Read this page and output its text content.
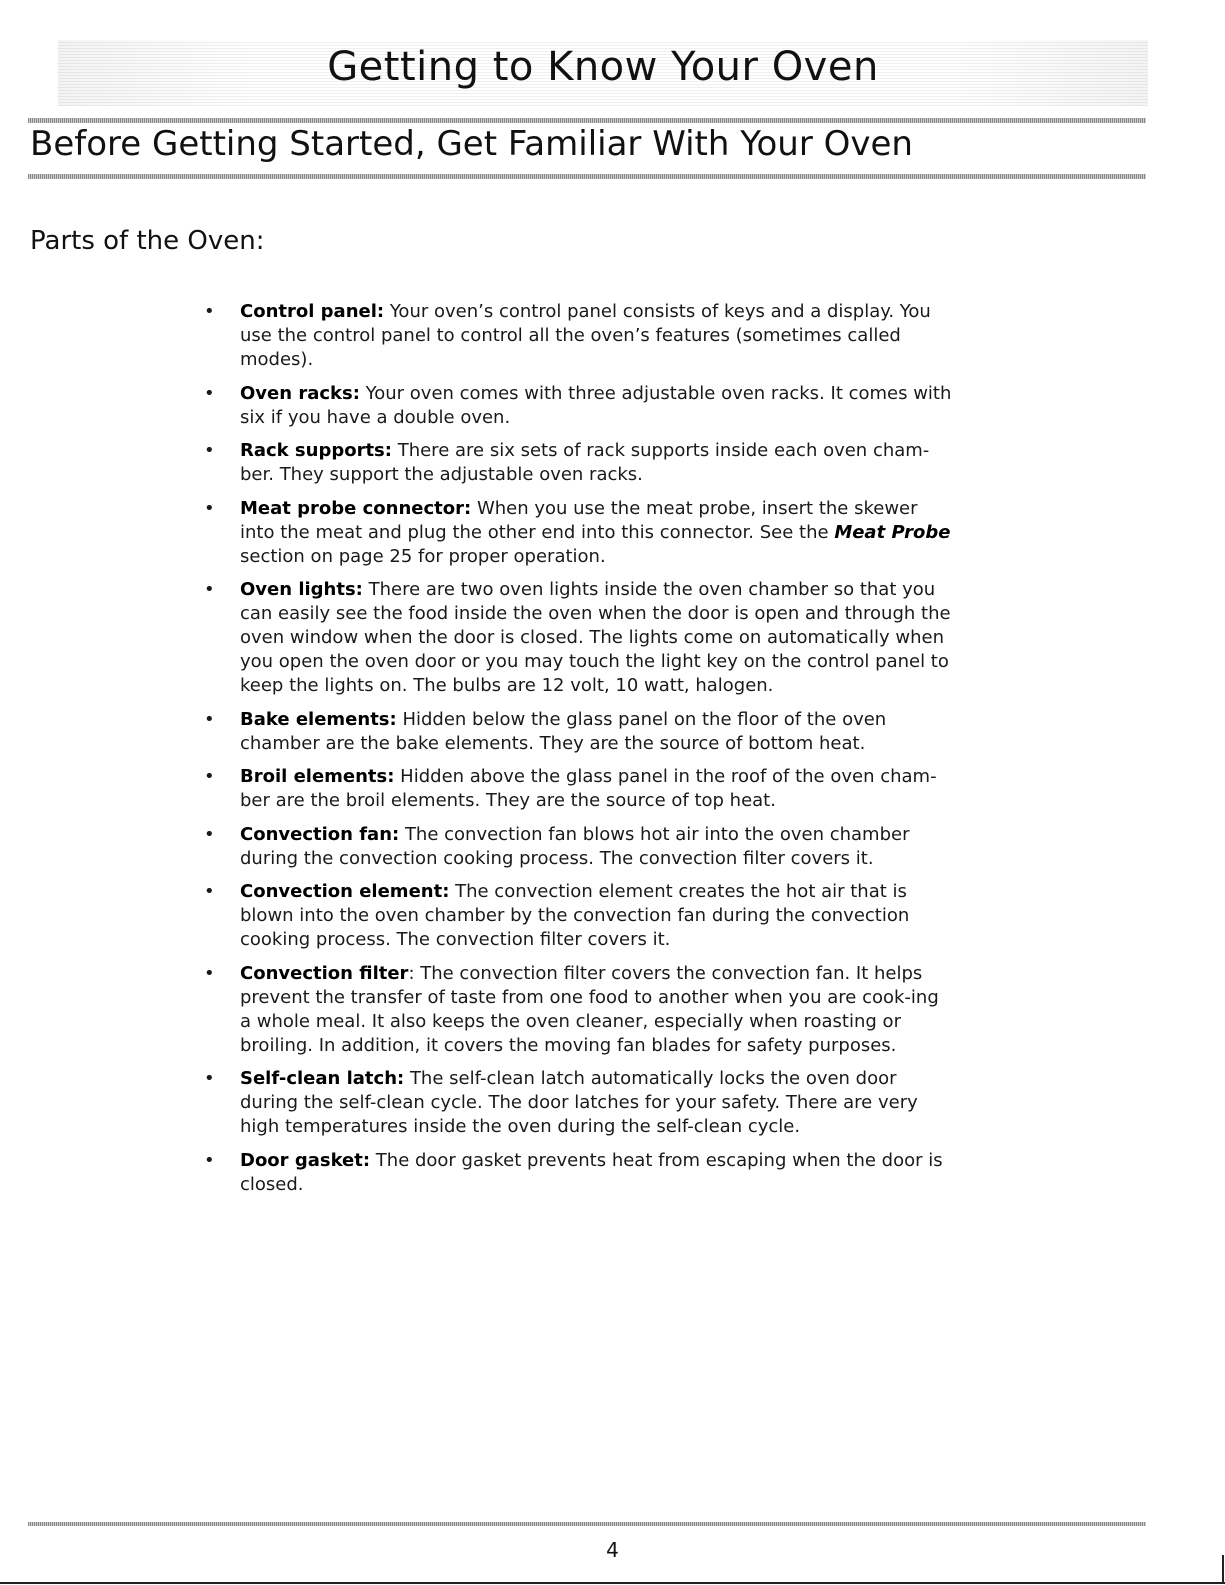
Getting to Know Your Oven
Before Getting Started, Get Familiar With Your Oven
Parts of the Oven:
• Control panel: Your oven’s control panel consists of keys and a display. You use the control panel to control all the oven’s features (sometimes called modes).
• Oven racks: Your oven comes with three adjustable oven racks. It comes with six if you have a double oven.
• Rack supports: There are six sets of rack supports inside each oven cham-ber. They support the adjustable oven racks.
• Meat probe connector: When you use the meat probe, insert the skewer into the meat and plug the other end into this connector. See the Meat Probe section on page 25 for proper operation.
• Oven lights: There are two oven lights inside the oven chamber so that you can easily see the food inside the oven when the door is open and through the oven window when the door is closed. The lights come on automatically when you open the oven door or you may touch the light key on the control panel to keep the lights on. The bulbs are 12 volt, 10 watt, halogen.
• Bake elements: Hidden below the glass panel on the floor of the oven chamber are the bake elements. They are the source of bottom heat.
• Broil elements: Hidden above the glass panel in the roof of the oven cham-ber are the broil elements. They are the source of top heat.
• Convection fan: The convection fan blows hot air into the oven chamber during the convection cooking process. The convection filter covers it.
• Convection element: The convection element creates the hot air that is blown into the oven chamber by the convection fan during the convection cooking process. The convection filter covers it.
• Convection filter: The convection filter covers the convection fan. It helps prevent the transfer of taste from one food to another when you are cook-ing a whole meal. It also keeps the oven cleaner, especially when roasting or broiling. In addition, it covers the moving fan blades for safety purposes.
• Self-clean latch: The self-clean latch automatically locks the oven door during the self-clean cycle. The door latches for your safety. There are very high temperatures inside the oven during the self-clean cycle.
• Door gasket: The door gasket prevents heat from escaping when the door is closed.
4
